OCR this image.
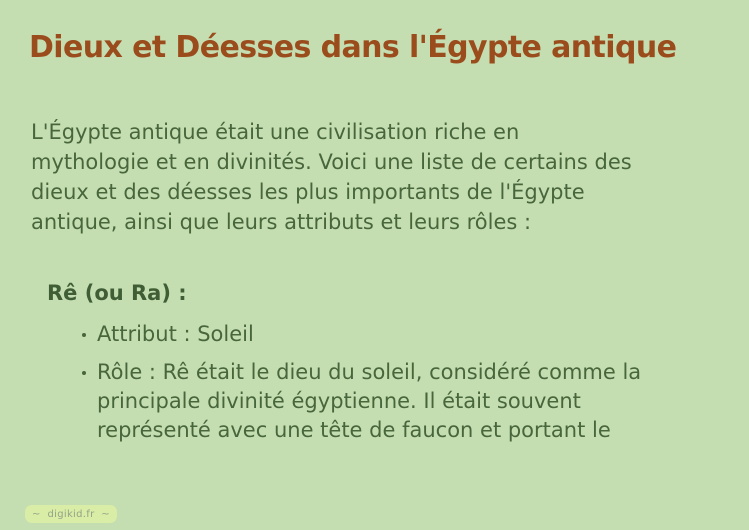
Dieux et Déesses dans l'Égypte antique
L'Égypte antique était une civilisation riche en
mythologie et en divinités. Voici une liste de certains des
dieux et des déesses les plus importants de l'Égypte
antique, ainsi que leurs attributs et leurs rôles :
Rê (ou Ra) :
Attribut : Soleil
Rôle : Rê était le dieu du soleil, considéré comme la
principale divinité égyptienne. Il était souvent
représenté avec une tête de faucon et portant le
~ digikid.fr ~
